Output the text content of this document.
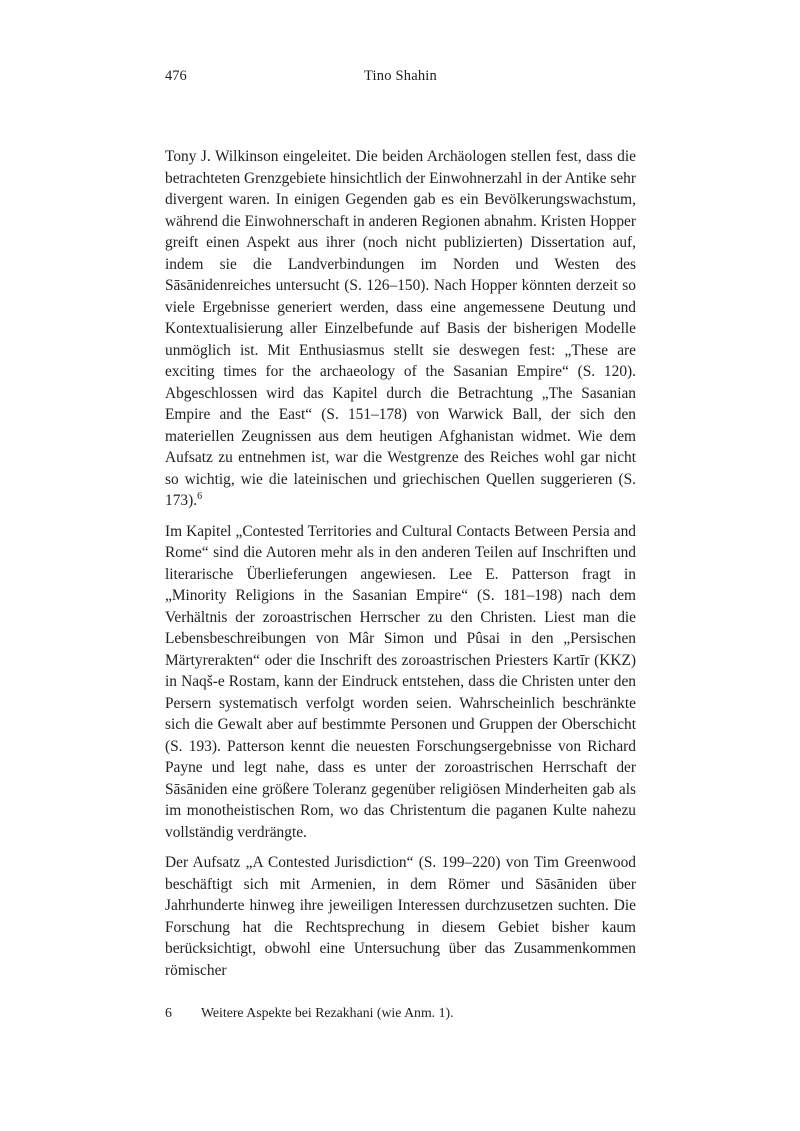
476	Tino Shahin

Tony J. Wilkinson eingeleitet. Die beiden Archäologen stellen fest, dass die betrachteten Grenzgebiete hinsichtlich der Einwohnerzahl in der Antike sehr divergent waren. In einigen Gegenden gab es ein Bevölkerungswachstum, während die Einwohnerschaft in anderen Regionen abnahm. Kristen Hopper greift einen Aspekt aus ihrer (noch nicht publizierten) Dissertation auf, indem sie die Landverbindungen im Norden und Westen des Sāsānidenreiches untersucht (S. 126–150). Nach Hopper könnten derzeit so viele Ergebnisse generiert werden, dass eine angemessene Deutung und Kontextualisierung aller Einzelbefunde auf Basis der bisherigen Modelle unmöglich ist. Mit Enthusiasmus stellt sie deswegen fest: „These are exciting times for the archaeology of the Sasanian Empire“ (S. 120). Abgeschlossen wird das Kapitel durch die Betrachtung „The Sasanian Empire and the East“ (S. 151–178) von Warwick Ball, der sich den materiellen Zeugnissen aus dem heutigen Afghanistan widmet. Wie dem Aufsatz zu entnehmen ist, war die Westgrenze des Reiches wohl gar nicht so wichtig, wie die lateinischen und griechischen Quellen suggerieren (S. 173).$^6$

Im Kapitel „Contested Territories and Cultural Contacts Between Persia and Rome“ sind die Autoren mehr als in den anderen Teilen auf Inschriften und literarische Überlieferungen angewiesen. Lee E. Patterson fragt in „Minority Religions in the Sasanian Empire“ (S. 181–198) nach dem Verhältnis der zoroastrischen Herrscher zu den Christen. Liest man die Lebensbeschreibungen von Mâr Simon und Pûsai in den „Persischen Märtyrerakten“ oder die Inschrift des zoroastrischen Priesters Kartīr (KKZ) in Naqš-e Rostam, kann der Eindruck entstehen, dass die Christen unter den Persern systematisch verfolgt worden seien. Wahrscheinlich beschränkte sich die Gewalt aber auf bestimmte Personen und Gruppen der Oberschicht (S. 193). Patterson kennt die neuesten Forschungsergebnisse von Richard Payne und legt nahe, dass es unter der zoroastrischen Herrschaft der Sāsāniden eine größere Toleranz gegenüber religiösen Minderheiten gab als im monotheistischen Rom, wo das Christentum die paganen Kulte nahezu vollständig verdrängte.

Der Aufsatz „A Contested Jurisdiction“ (S. 199–220) von Tim Greenwood beschäftigt sich mit Armenien, in dem Römer und Sāsāniden über Jahrhunderte hinweg ihre jeweiligen Interessen durchzusetzen suchten. Die Forschung hat die Rechtsprechung in diesem Gebiet bisher kaum berücksichtigt, obwohl eine Untersuchung über das Zusammenkommen römischer

6	Weitere Aspekte bei Rezakhani (wie Anm. 1).
